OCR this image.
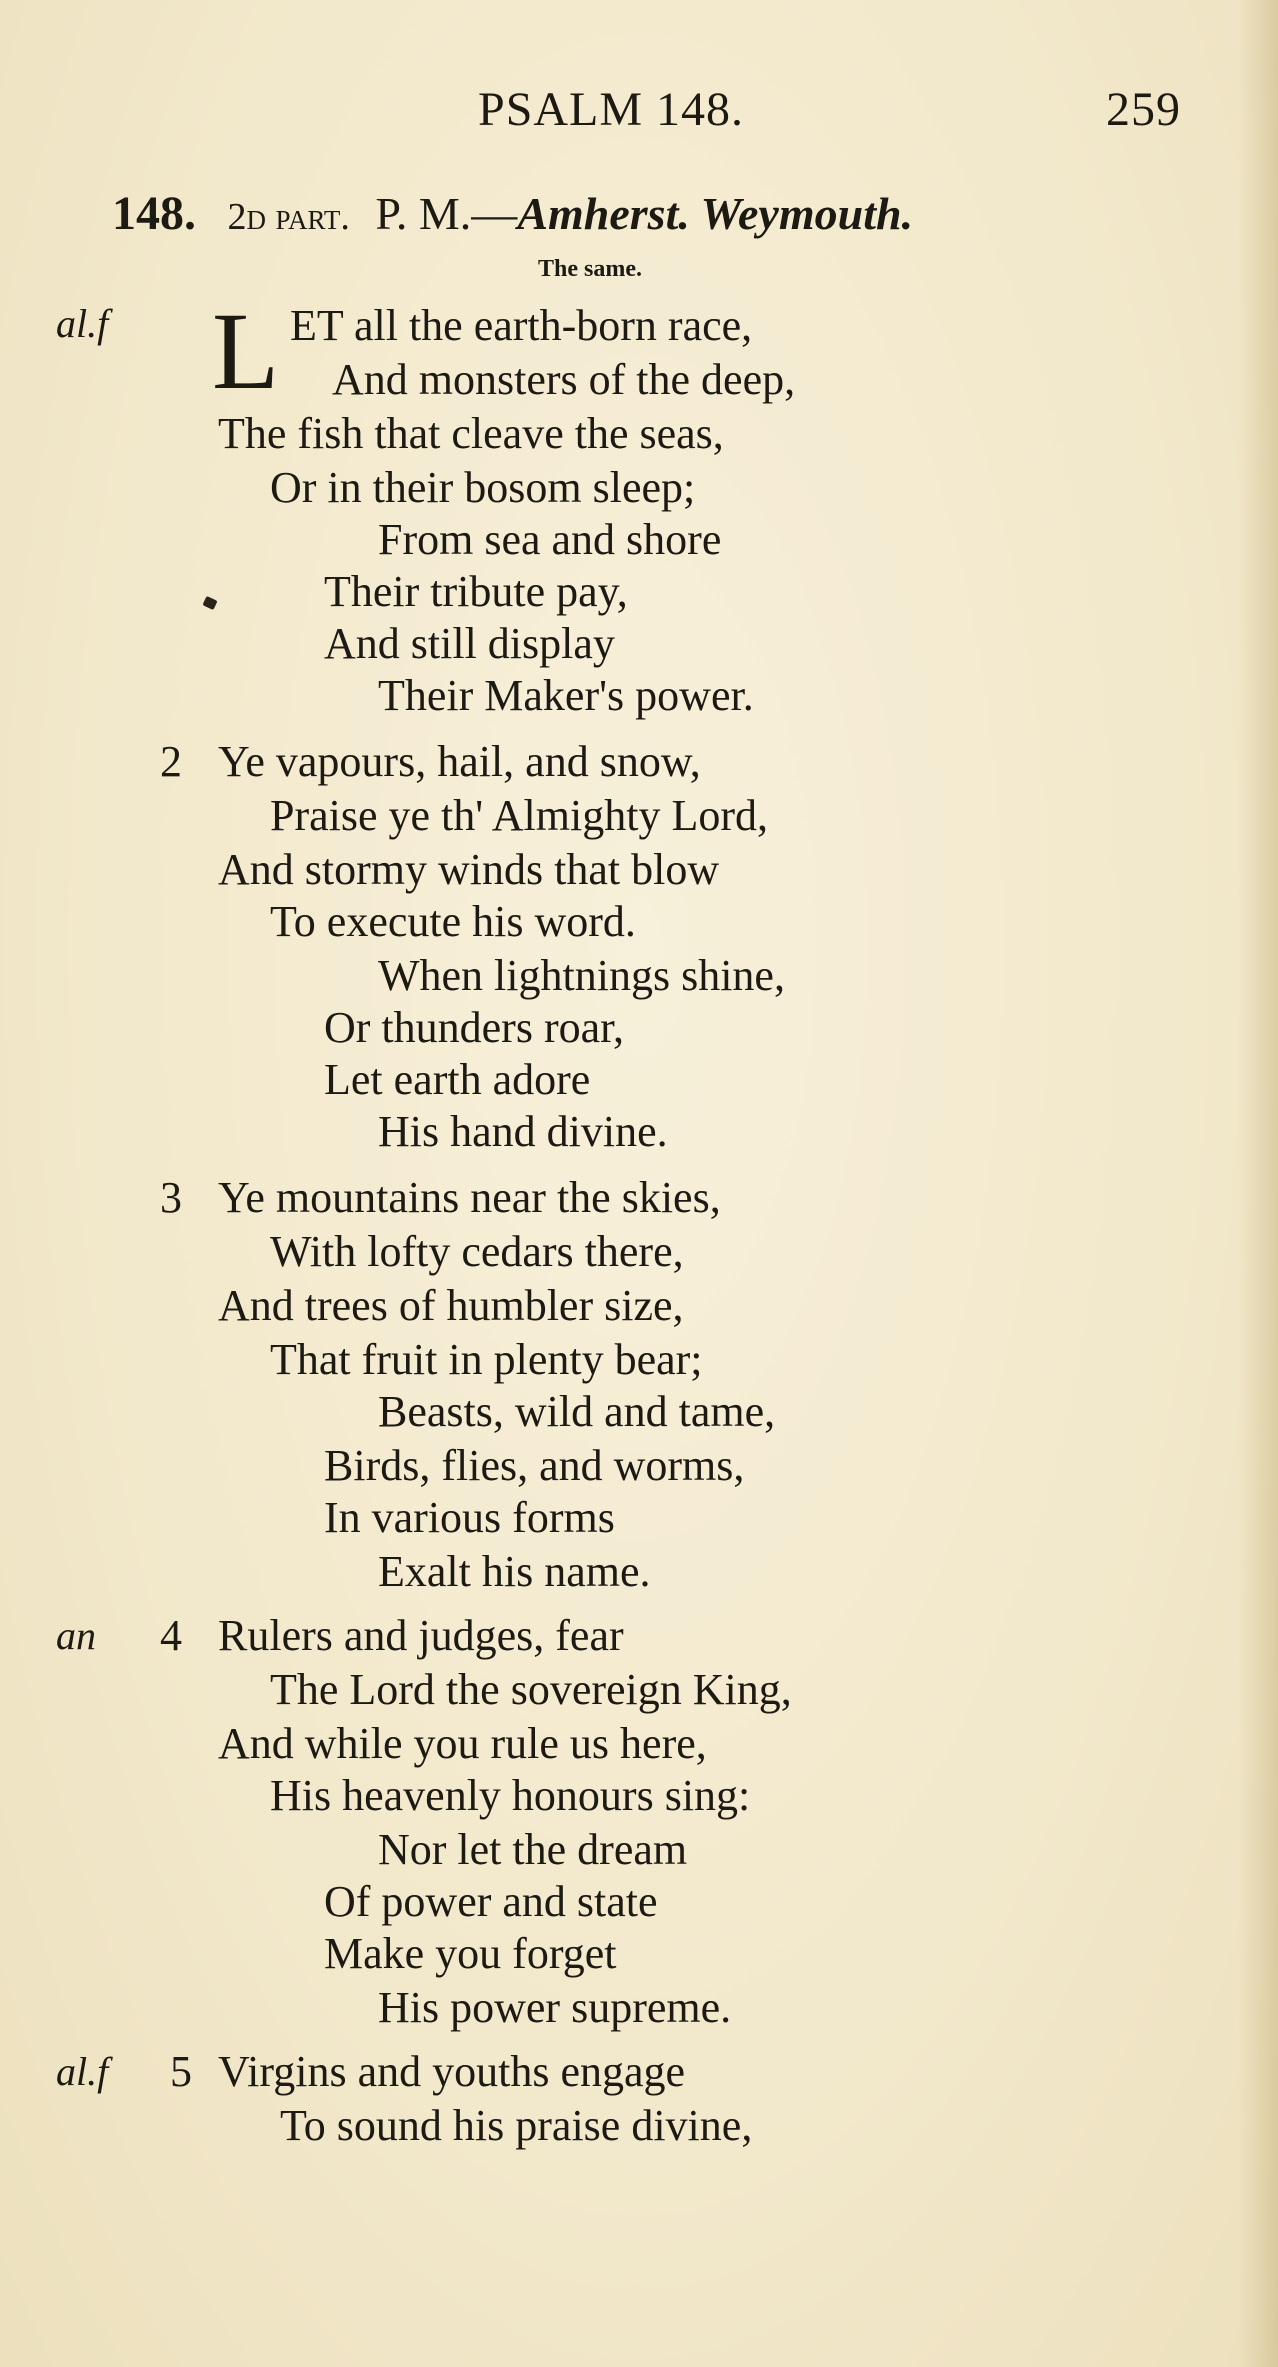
PSALM 148.	259
148. 2d part. P. M.—Amherst. Weymouth.
The same.
al.f L ET all the earth-born race,
And monsters of the deep,
The fish that cleave the seas,
Or in their bosom sleep;
From sea and shore
Their tribute pay,
And still display
Their Maker's power.
2 Ye vapours, hail, and snow,
Praise ye th' Almighty Lord,
And stormy winds that blow
To execute his word.
When lightnings shine,
Or thunders roar,
Let earth adore
His hand divine.
3 Ye mountains near the skies,
With lofty cedars there,
And trees of humbler size,
That fruit in plenty bear;
Beasts, wild and tame,
Birds, flies, and worms,
In various forms
Exalt his name.
an 4 Rulers and judges, fear
The Lord the sovereign King,
And while you rule us here,
His heavenly honours sing:
Nor let the dream
Of power and state
Make you forget
His power supreme.
al.f 5 Virgins and youths engage
To sound his praise divine,
